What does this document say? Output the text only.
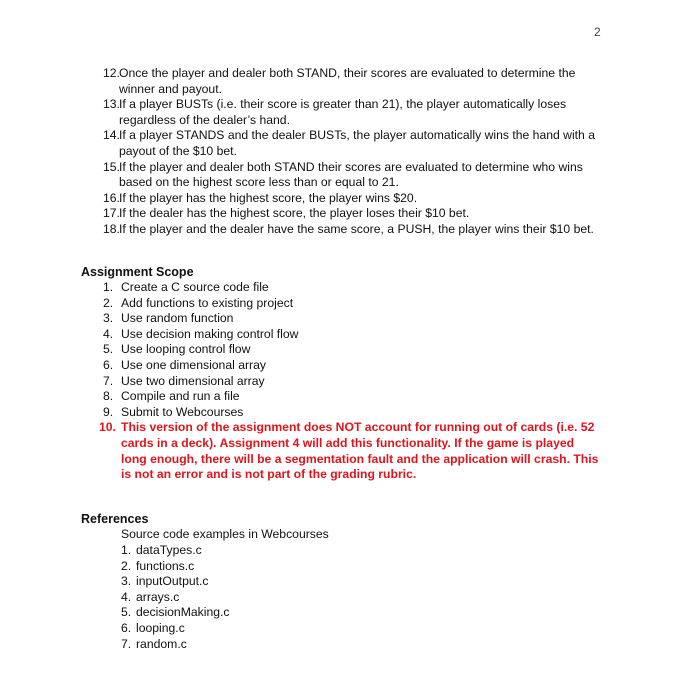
2
12. Once the player and dealer both STAND, their scores are evaluated to determine the winner and payout.
13. If a player BUSTs (i.e. their score is greater than 21), the player automatically loses regardless of the dealer’s hand.
14. If a player STANDS and the dealer BUSTs, the player automatically wins the hand with a payout of the $10 bet.
15. If the player and dealer both STAND their scores are evaluated to determine who wins based on the highest score less than or equal to 21.
16. If the player has the highest score, the player wins $20.
17. If the dealer has the highest score, the player loses their $10 bet.
18. If the player and the dealer have the same score, a PUSH, the player wins their $10 bet.
Assignment Scope
1. Create a C source code file
2. Add functions to existing project
3. Use random function
4. Use decision making control flow
5. Use looping control flow
6. Use one dimensional array
7. Use two dimensional array
8. Compile and run a file
9. Submit to Webcourses
10. This version of the assignment does NOT account for running out of cards (i.e. 52 cards in a deck). Assignment 4 will add this functionality. If the game is played long enough, there will be a segmentation fault and the application will crash. This is not an error and is not part of the grading rubric.
References
Source code examples in Webcourses
1. dataTypes.c
2. functions.c
3. inputOutput.c
4. arrays.c
5. decisionMaking.c
6. looping.c
7. random.c
